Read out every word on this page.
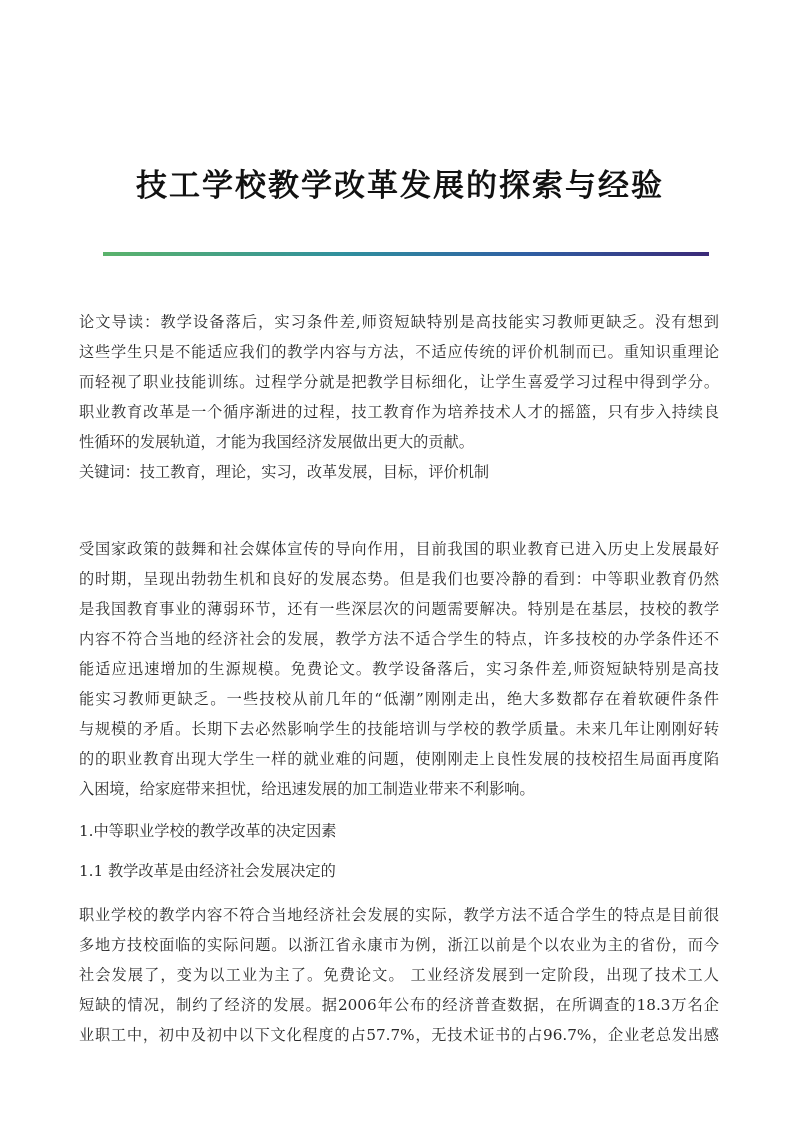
技工学校教学改革发展的探索与经验

论文导读：教学设备落后，实习条件差,师资短缺特别是高技能实习教师更缺乏。没有想到

这些学生只是不能适应我们的教学内容与方法，不适应传统的评价机制而已。重知识重理论

而轻视了职业技能训练。过程学分就是把教学目标细化，让学生喜爱学习过程中得到学分。

职业教育改革是一个循序渐进的过程，技工教育作为培养技术人才的摇篮，只有步入持续良

性循环的发展轨道，才能为我国经济发展做出更大的贡献。

关键词：技工教育，理论，实习，改革发展，目标，评价机制

受国家政策的鼓舞和社会媒体宣传的导向作用，目前我国的职业教育已进入历史上发展最好

的时期，呈现出勃勃生机和良好的发展态势。但是我们也要冷静的看到：中等职业教育仍然

是我国教育事业的薄弱环节，还有一些深层次的问题需要解决。特别是在基层，技校的教学

内容不符合当地的经济社会的发展，教学方法不适合学生的特点，许多技校的办学条件还不

能适应迅速增加的生源规模。免费论文。教学设备落后，实习条件差,师资短缺特别是高技

能实习教师更缺乏。一些技校从前几年的“低潮”刚刚走出，绝大多数都存在着软硬件条件

与规模的矛盾。长期下去必然影响学生的技能培训与学校的教学质量。未来几年让刚刚好转

的的职业教育出现大学生一样的就业难的问题，使刚刚走上良性发展的技校招生局面再度陷

入困境，给家庭带来担忧，给迅速发展的加工制造业带来不利影响。

1.中等职业学校的教学改革的决定因素

1.1 教学改革是由经济社会发展决定的

职业学校的教学内容不符合当地经济社会发展的实际，教学方法不适合学生的特点是目前很

多地方技校面临的实际问题。以浙江省永康市为例，浙江以前是个以农业为主的省份，而今

社会发展了，变为以工业为主了。免费论文。 工业经济发展到一定阶段，出现了技术工人

短缺的情况，制约了经济的发展。据2006年公布的经济普查数据，在所调查的18.3万名企

业职工中，初中及初中以下文化程度的占57.7%，无技术证书的占96.7%，企业老总发出感
